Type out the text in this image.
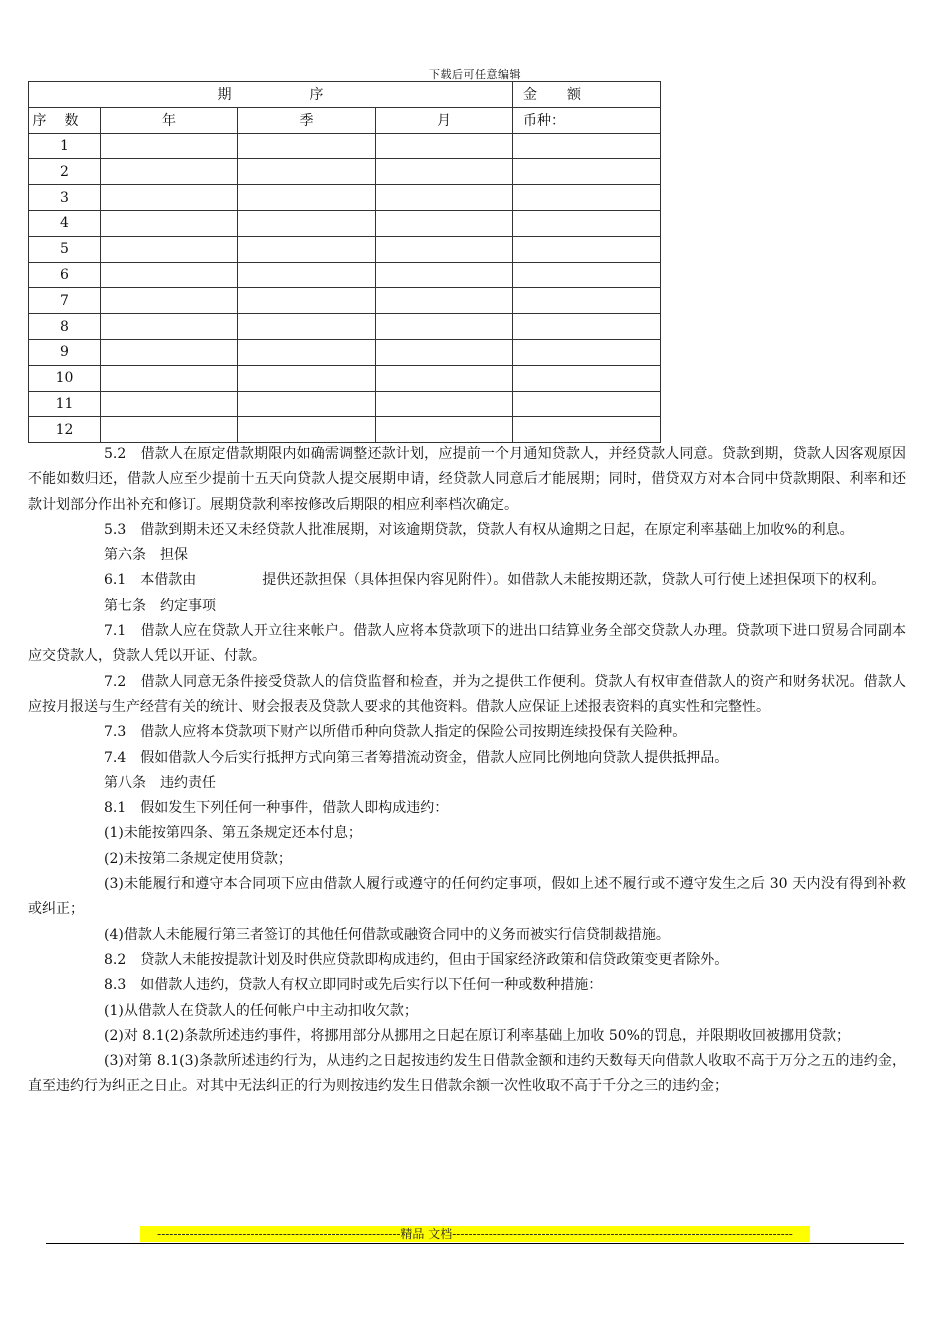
下载后可任意编辑
期序				金额
序数	年	季	月	币种：
1				
2				
3				
4				
5				
6				
7				
8				
9				
10				
11				
12				

5.2　借款人在原定借款期限内如确需调整还款计划，应提前一个月通知贷款人，并经贷款人同意。贷款到期，贷款人因客观原因不能如数归还，借款人应至少提前十五天向贷款人提交展期申请，经贷款人同意后才能展期；同时，借贷双方对本合同中贷款期限、利率和还款计划部分作出补充和修订。展期贷款利率按修改后期限的相应利率档次确定。

5.3　借款到期未还又未经贷款人批准展期，对该逾期贷款，贷款人有权从逾期之日起，在原定利率基础上加收%的利息。

第六条　担保

6.1　本借款由	提供还款担保（具体担保内容见附件）。如借款人未能按期还款，贷款人可行使上述担保项下的权利。

第七条　约定事项

7.1　借款人应在贷款人开立往来帐户。借款人应将本贷款项下的进出口结算业务全部交贷款人办理。贷款项下进口贸易合同副本应交贷款人，贷款人凭以开证、付款。

7.2　借款人同意无条件接受贷款人的信贷监督和检查，并为之提供工作便利。贷款人有权审查借款人的资产和财务状况。借款人应按月报送与生产经营有关的统计、财会报表及贷款人要求的其他资料。借款人应保证上述报表资料的真实性和完整性。

7.3　借款人应将本贷款项下财产以所借币种向贷款人指定的保险公司按期连续投保有关险种。

7.4　假如借款人今后实行抵押方式向第三者筹措流动资金，借款人应同比例地向贷款人提供抵押品。

第八条　违约责任

8.1　假如发生下列任何一种事件，借款人即构成违约：

(1)未能按第四条、第五条规定还本付息；

(2)未按第二条规定使用贷款；

(3)未能履行和遵守本合同项下应由借款人履行或遵守的任何约定事项，假如上述不履行或不遵守发生之后 30 天内没有得到补救或纠正；

(4)借款人未能履行第三者签订的其他任何借款或融资合同中的义务而被实行信贷制裁措施。

8.2　贷款人未能按提款计划及时供应贷款即构成违约，但由于国家经济政策和信贷政策变更者除外。

8.3　如借款人违约，贷款人有权立即同时或先后实行以下任何一种或数种措施：

(1)从借款人在贷款人的任何帐户中主动扣收欠款；

(2)对 8.1(2)条款所述违约事件，将挪用部分从挪用之日起在原订利率基础上加收 50%的罚息，并限期收回被挪用贷款；

(3)对第 8.1(3)条款所述违约行为，从违约之日起按违约发生日借款金额和违约天数每天向借款人收取不高于万分之五的违约金，直至违约行为纠正之日止。对其中无法纠正的行为则按违约发生日借款余额一次性收取不高于千分之三的违约金；

------------------------------------------------------------精品 文档------------------------------------------------------------------------------------
